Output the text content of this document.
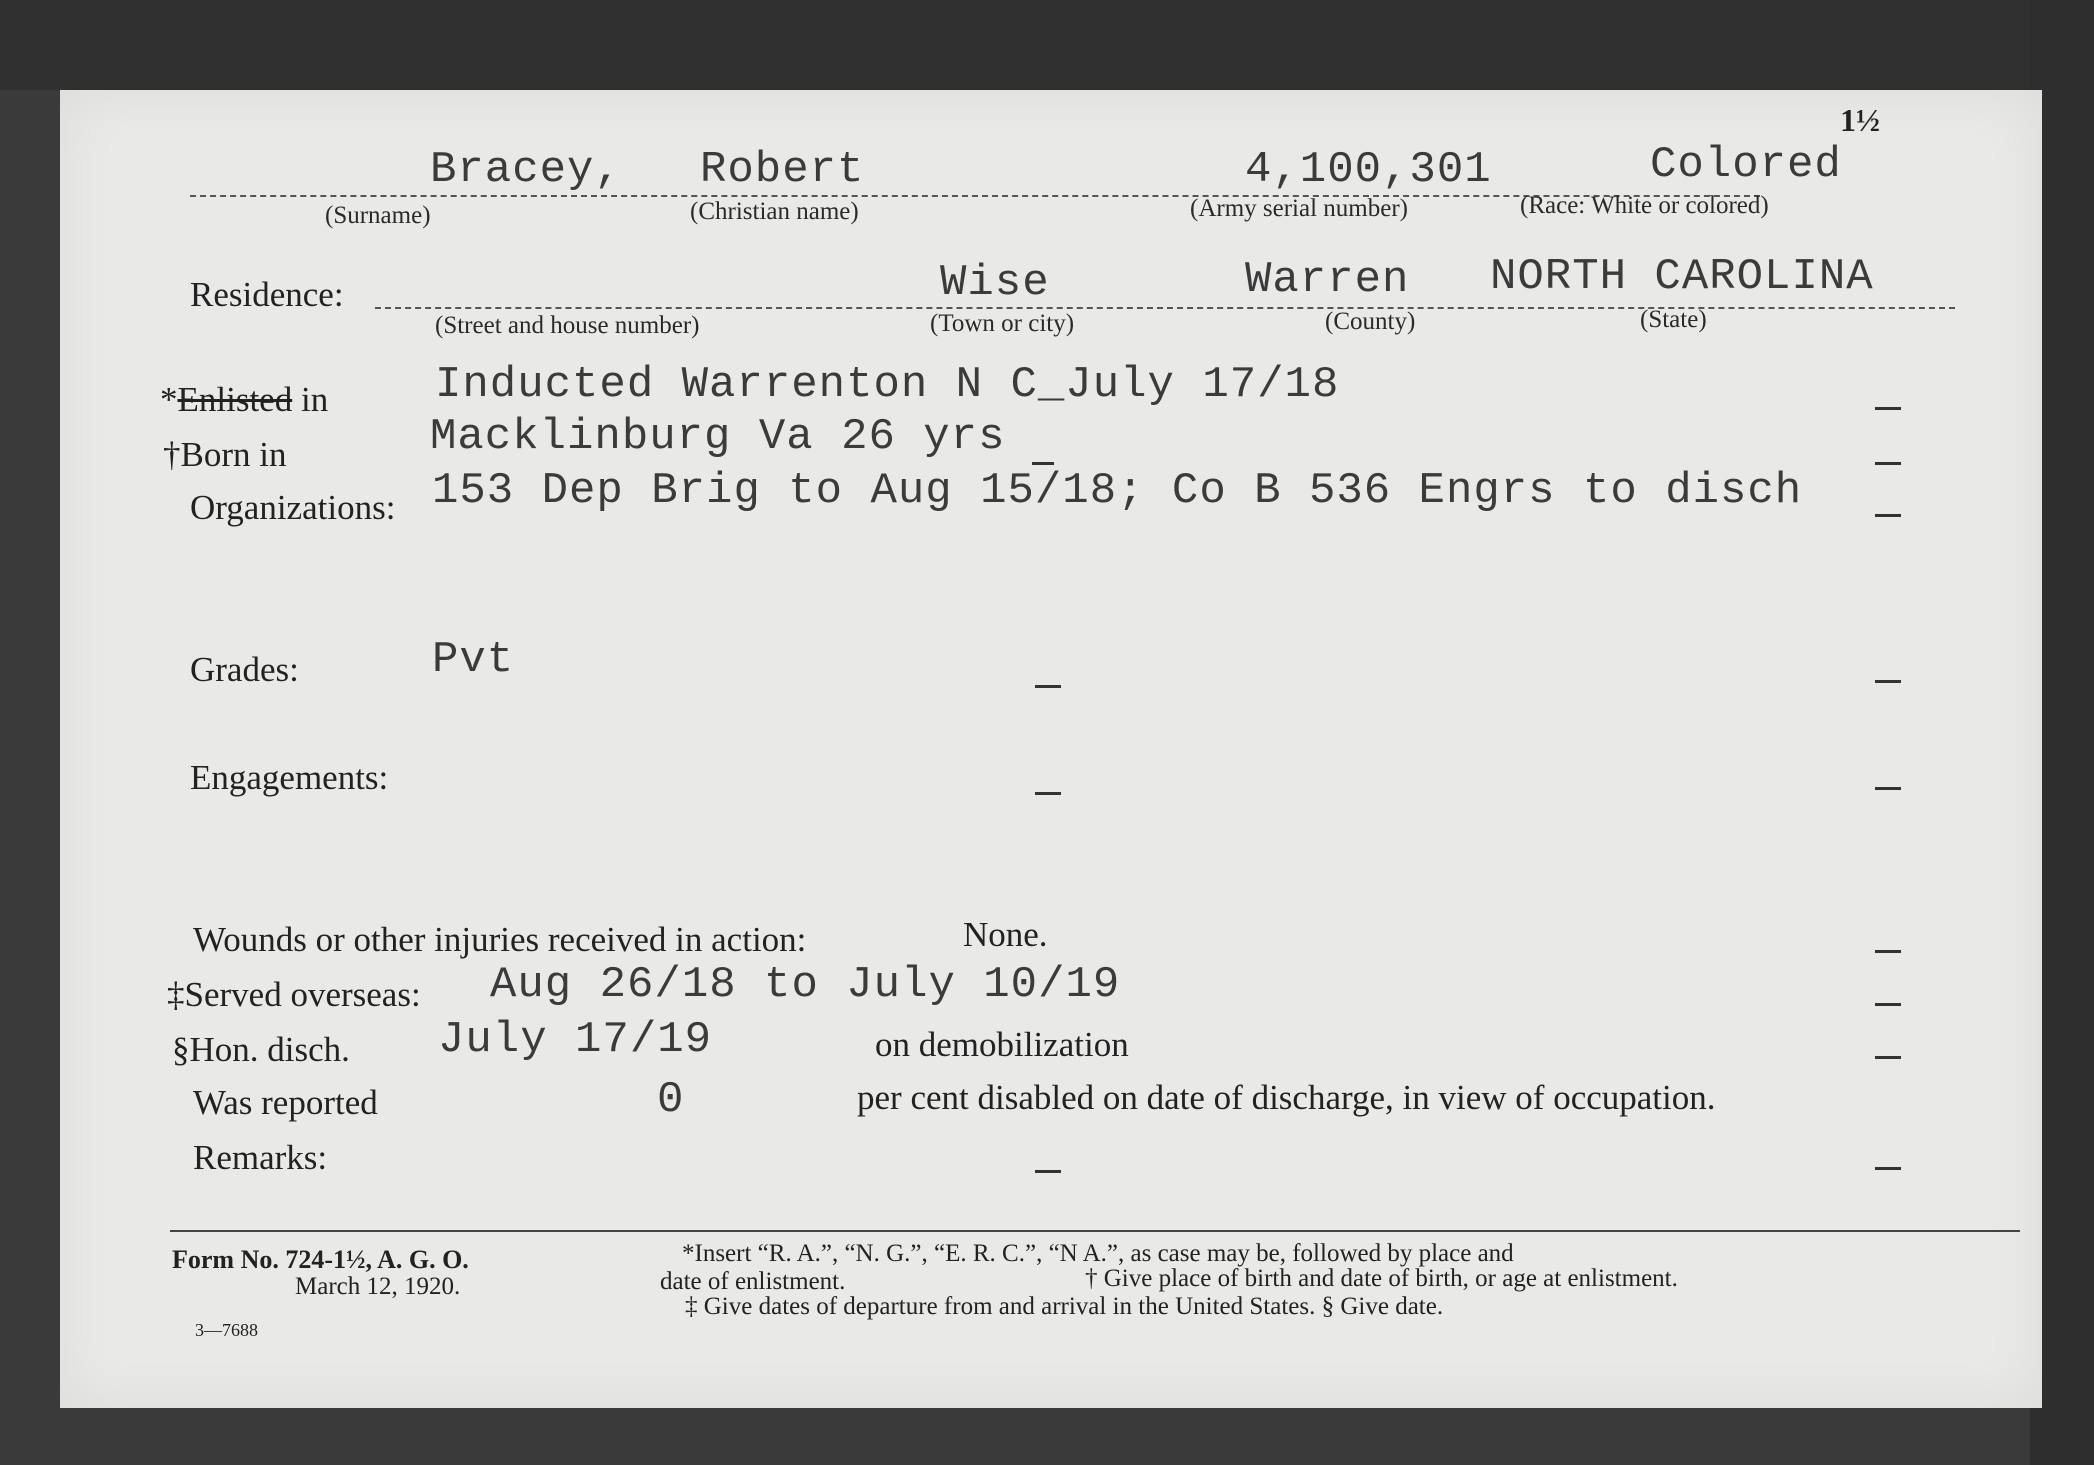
1½
Bracey, Robert	4,100,301	Colored
(Surname)	(Christian name)	(Army serial number)	(Race: White or colored)
Residence:	Wise	Warren NORTH CAROLINA
(Street and house number)	(Town or city)	(County)	(State)
*Enlisted in Inducted Warrenton N C_July 17/18
†Born in	Macklinburg Va 26 yrs
Organizations: 153 Dep Brig to Aug 15/18; Co B 536 Engrs to disch
Grades:	Pvt
Engagements:
Wounds or other injuries received in action:	None.
‡Served overseas: Aug 26/18 to July 10/19
§Hon. disch. July 17/19	on demobilization
Was reported	0	per cent disabled on date of discharge, in view of occupation.
Remarks:
Form No. 724-1½, A. G. O.
March 12, 1920.
3—7688
*Insert “R. A.”, “N. G.”, “E. R. C.”, “N A.”, as case may be, followed by place and
date of enlistment.	† Give place of birth and date of birth, or age at enlistment.
‡ Give dates of departure from and arrival in the United States. § Give date.
